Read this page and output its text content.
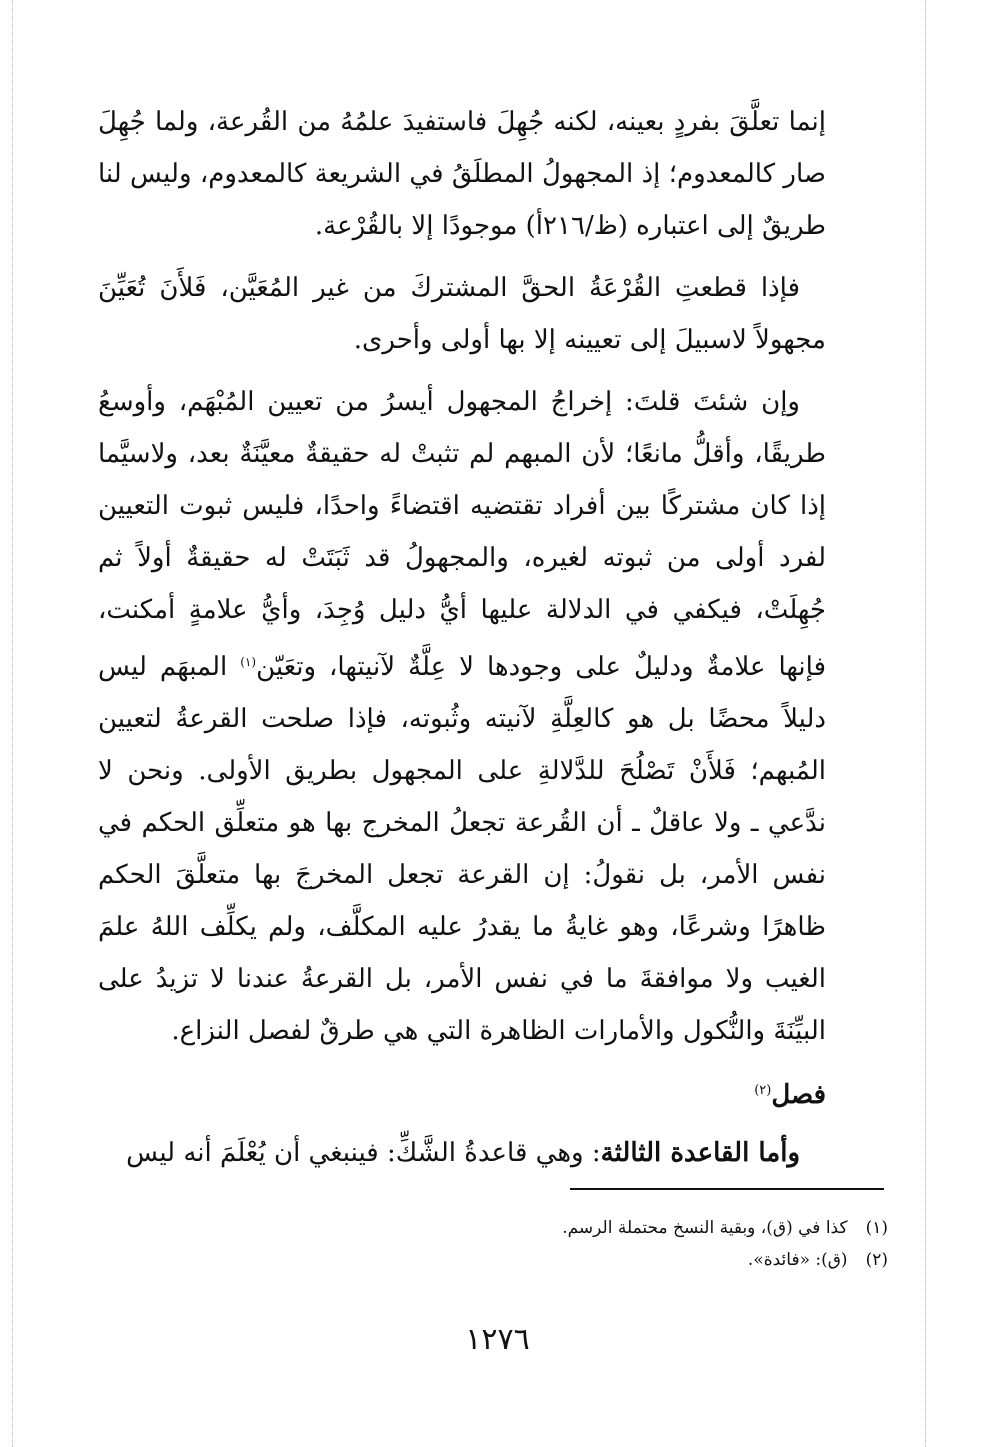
إنما تعلَّقَ بفردٍ بعينه، لكنه جُهِلَ فاستفيدَ علمُهُ من القُرعة، ولما جُهِلَ صار كالمعدوم؛ إذ المجهولُ المطلَقُ في الشريعة كالمعدوم، وليس لنا طريقٌ إلى اعتباره (ظ/٢١٦أ) موجودًا إلا بالقُرْعة.

فإذا قطعتِ القُرْعَةُ الحقَّ المشتركَ من غير المُعَيَّن، فَلأَنَ تُعَيِّنَ مجهولاً لاسبيلَ إلى تعيينه إلا بها أولى وأحرى.

وإن شئتَ قلتَ: إخراجُ المجهول أيسرُ من تعيين المُبْهَم، وأوسعُ طريقًا، وأقلُّ مانعًا؛ لأن المبهم لم تثبتْ له حقيقةٌ معيَّنَةٌ بعد، ولاسيَّما إذا كان مشتركًا بين أفراد تقتضيه اقتضاءً واحدًا، فليس ثبوت التعيين لفرد أولى من ثبوته لغيره، والمجهولُ قد ثَبَتَتْ له حقيقةٌ أولاً ثم جُهِلَتْ، فيكفي في الدلالة عليها أيُّ دليل وُجِدَ، وأيُّ علامةٍ أمكنت، فإنها علامةٌ ودليلٌ على وجودها لا عِلَّةٌ لآنيتها، وتعَيّن$^{(١)}$ المبهَم ليس دليلاً محضًا بل هو كالعِلَّةِ لآنيته وثُبوته، فإذا صلحت القرعةُ لتعيين المُبهم؛ فَلأَنْ تَصْلُحَ للدَّلالةِ على المجهول بطريق الأولى. ونحن لا ندَّعي ـ ولا عاقلٌ ـ أن القُرعة تجعلُ المخرج بها هو متعلِّق الحكم في نفس الأمر، بل نقولُ: إن القرعة تجعل المخرجَ بها متعلَّقَ الحكم ظاهرًا وشرعًا، وهو غايةُ ما يقدرُ عليه المكلَّف، ولم يكلِّف اللهُ علمَ الغيب ولا موافقةَ ما في نفس الأمر، بل القرعةُ عندنا لا تزيدُ على البيِّنَةَ والنُّكول والأمارات الظاهرة التي هي طرقٌ لفصل النزاع.

فصل$^{(٢)}$

وأما القاعدة الثالثة: وهي قاعدةُ الشَّكِّ: فينبغي أن يُعْلَمَ أنه ليس

(١)كذا في (ق)، وبقية النسخ محتملة الرسم.

(٢)(ق): «فائدة».

١٢٧٦
